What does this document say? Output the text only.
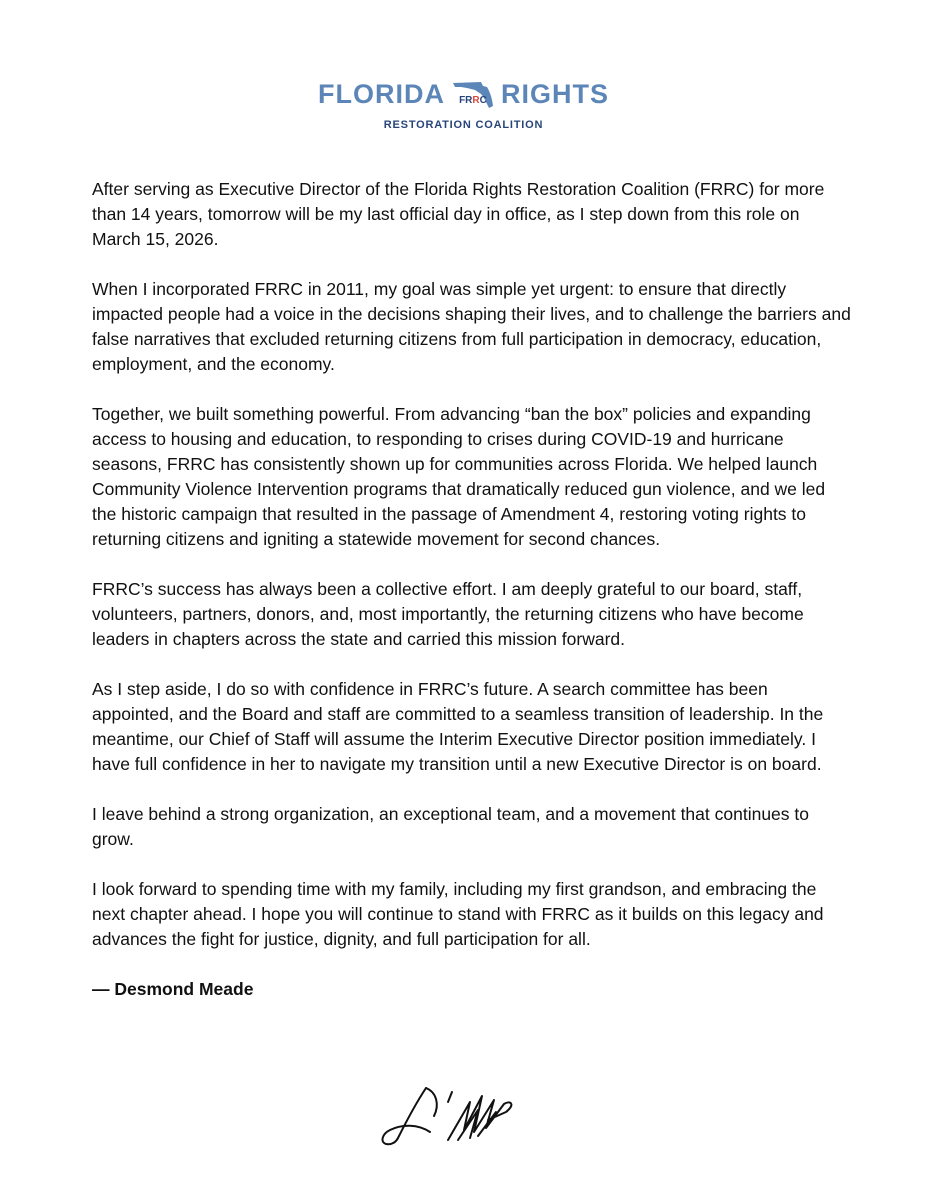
FLORIDA	FRRC RIGHTS
RESTORATION COALITION

After serving as Executive Director of the Florida Rights Restoration Coalition (FRRC) for more than 14 years, tomorrow will be my last official day in office, as I step down from this role on March 15, 2026.

When I incorporated FRRC in 2011, my goal was simple yet urgent: to ensure that directly impacted people had a voice in the decisions shaping their lives, and to challenge the barriers and false narratives that excluded returning citizens from full participation in democracy, education, employment, and the economy.

Together, we built something powerful. From advancing “ban the box” policies and expanding access to housing and education, to responding to crises during COVID-19 and hurricane seasons, FRRC has consistently shown up for communities across Florida. We helped launch Community Violence Intervention programs that dramatically reduced gun violence, and we led the historic campaign that resulted in the passage of Amendment 4, restoring voting rights to returning citizens and igniting a statewide movement for second chances.

FRRC’s success has always been a collective effort. I am deeply grateful to our board, staff, volunteers, partners, donors, and, most importantly, the returning citizens who have become leaders in chapters across the state and carried this mission forward.

As I step aside, I do so with confidence in FRRC’s future. A search committee has been appointed, and the Board and staff are committed to a seamless transition of leadership. In the meantime, our Chief of Staff will assume the Interim Executive Director position immediately. I have full confidence in her to navigate my transition until a new Executive Director is on board.

I leave behind a strong organization, an exceptional team, and a movement that continues to grow.

I look forward to spending time with my family, including my first grandson, and embracing the next chapter ahead. I hope you will continue to stand with FRRC as it builds on this legacy and advances the fight for justice, dignity, and full participation for all.

— Desmond Meade
